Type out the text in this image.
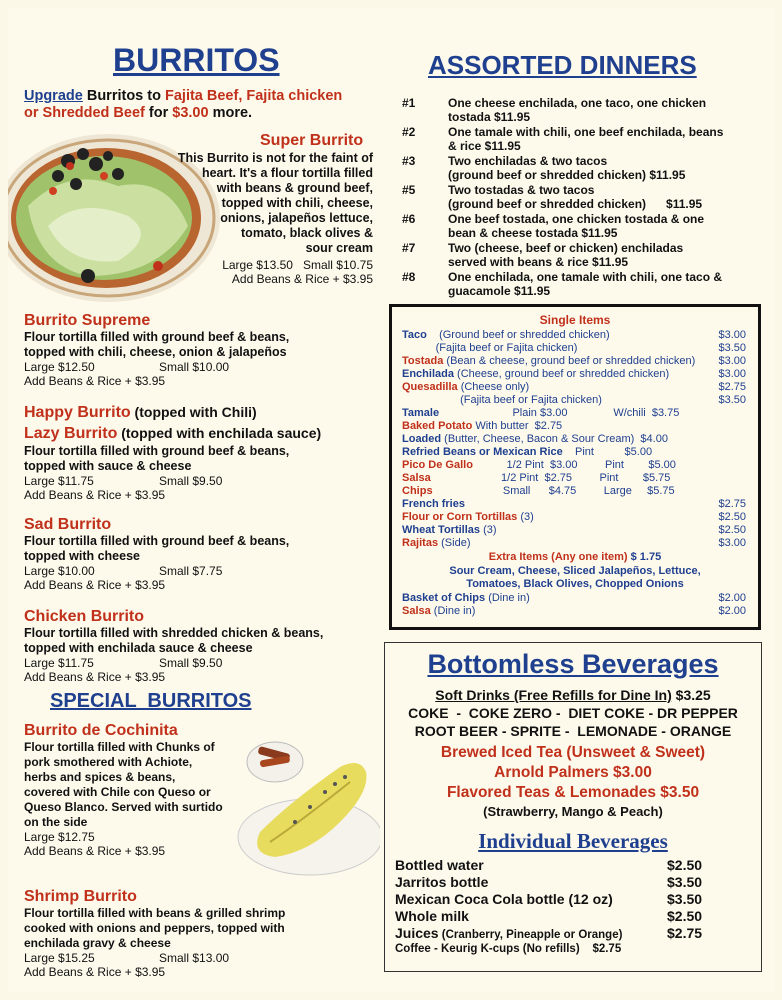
BURRITOS
Upgrade Burritos to Fajita Beef, Fajita chicken
or Shredded Beef for $3.00 more.
Super Burrito
This Burrito is not for the faint of
heart. It's a flour tortilla filled
with beans & ground beef,
topped with chili, cheese,
onions, jalapeños lettuce,
tomato, black olives &
sour cream
Large $13.50 Small $10.75
Add Beans & Rice + $3.95
Burrito Supreme
Flour tortilla filled with ground beef & beans,
topped with chili, cheese, onion & jalapeños
Large $12.50	Small $10.00
Add Beans & Rice + $3.95
Happy Burrito (topped with Chili)
Lazy Burrito (topped with enchilada sauce)
Flour tortilla filled with ground beef & beans,
topped with sauce & cheese
Large $11.75	Small $9.50
Add Beans & Rice + $3.95
Sad Burrito
Flour tortilla filled with ground beef & beans,
topped with cheese
Large $10.00	Small $7.75
Add Beans & Rice + $3.95
Chicken Burrito
Flour tortilla filled with shredded chicken & beans,
topped with enchilada sauce & cheese
Large $11.75	Small $9.50
Add Beans & Rice + $3.95
SPECIAL  BURRITOS
Burrito de Cochinita
Flour tortilla filled with Chunks of
pork smothered with Achiote,
herbs and spices & beans,
covered with Chile con Queso or
Queso Blanco. Served with surtido
on the side
Large $12.75
Add Beans & Rice + $3.95
Shrimp Burrito
Flour tortilla filled with beans & grilled shrimp
cooked with onions and peppers, topped with
enchilada gravy & cheese
Large $15.25	Small $13.00
Add Beans & Rice + $3.95
ASSORTED DINNERS
#1	One cheese enchilada, one taco, one chicken
tostada $11.95
#2	One tamale with chili, one beef enchilada, beans
& rice $11.95
#3	Two enchiladas & two tacos
(ground beef or shredded chicken) $11.95
#5	Two tostadas & two tacos
(ground beef or shredded chicken)      $11.95
#6	One beef tostada, one chicken tostada & one
bean & cheese tostada $11.95
#7	Two (cheese, beef or chicken) enchiladas
served with beans & rice $11.95
#8	One enchilada, one tamale with chili, one taco &
guacamole $11.95
Single Items
Taco    (Ground beef or shredded chicken)	$3.00
(Fajita beef or Fajita chicken)	$3.50
Tostada (Bean & cheese, ground beef or shredded chicken) $3.00
Enchilada (Cheese, ground beef or shredded chicken)	$3.00
Quesadilla (Cheese only)	$2.75
(Fajita beef or Fajita chicken)	$3.50
Tamale                        Plain $3.00               W/chili  $3.75
Baked Potato With butter  $2.75
Loaded (Butter, Cheese, Bacon & Sour Cream)  $4.00
Refried Beans or Mexican Rice    Pint          $5.00
Pico De Gallo           1/2 Pint  $3.00         Pint        $5.00
Salsa                       1/2 Pint  $2.75         Pint        $5.75
Chips                       Small      $4.75         Large     $5.75
French fries	$2.75
Flour or Corn Tortillas (3)	$2.50
Wheat Tortillas (3)	$2.50
Rajitas (Side)	$3.00
Extra Items (Any one item) $ 1.75
Sour Cream, Cheese, Sliced Jalapeños, Lettuce,
Tomatoes, Black Olives, Chopped Onions
Basket of Chips (Dine in)	$2.00
Salsa (Dine in)	$2.00
Bottomless Beverages
Soft Drinks (Free Refills for Dine In) $3.25
COKE  -  COKE ZERO -  DIET COKE - DR PEPPER
ROOT BEER - SPRITE -  LEMONADE - ORANGE
Brewed Iced Tea (Unsweet & Sweet)
Arnold Palmers $3.00
Flavored Teas & Lemonades $3.50
(Strawberry, Mango & Peach)
Individual Beverages
Bottled water	$2.50
Jarritos bottle	$3.50
Mexican Coca Cola bottle (12 oz)	$3.50
Whole milk	$2.50
Juices (Cranberry, Pineapple or Orange)	$2.75
Coffee - Keurig K-cups (No refills) $2.75
